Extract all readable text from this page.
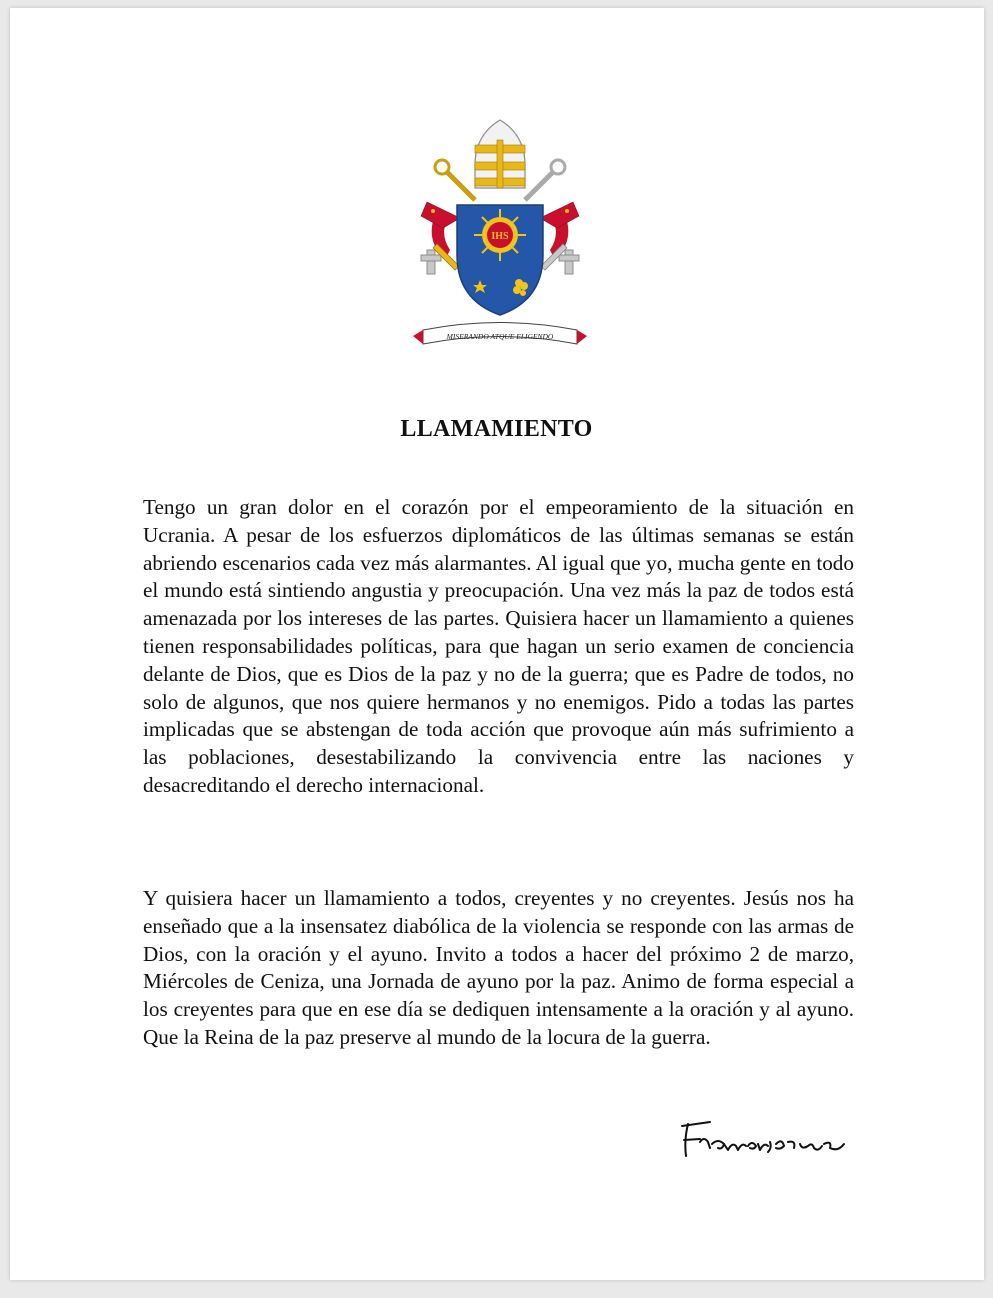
IHS
MISERANDO ATQUE ELIGENDO
LLAMAMIENTO

Tengo un gran dolor en el corazón por el empeoramiento de la situación en Ucrania. A pesar de los esfuerzos diplomáticos de las últimas semanas se están abriendo escenarios cada vez más alarmantes. Al igual que yo, mucha gente en todo el mundo está sintiendo angustia y preocupación. Una vez más la paz de todos está amenazada por los intereses de las partes. Quisiera hacer un llamamiento a quienes tienen responsabilidades políticas, para que hagan un serio examen de conciencia delante de Dios, que es Dios de la paz y no de la guerra; que es Padre de todos, no solo de algunos, que nos quiere hermanos y no enemigos. Pido a todas las partes implicadas que se abstengan de toda acción que provoque aún más sufrimiento a las poblaciones, desestabilizando la convivencia entre las naciones y desacreditando el derecho internacional.

Y quisiera hacer un llamamiento a todos, creyentes y no creyentes. Jesús nos ha enseñado que a la insensatez diabólica de la violencia se responde con las armas de Dios, con la oración y el ayuno. Invito a todos a hacer del próximo 2 de marzo, Miércoles de Ceniza, una Jornada de ayuno por la paz. Animo de forma especial a los creyentes para que en ese día se dediquen intensamente a la oración y al ayuno. Que la Reina de la paz preserve al mundo de la locura de la guerra.
